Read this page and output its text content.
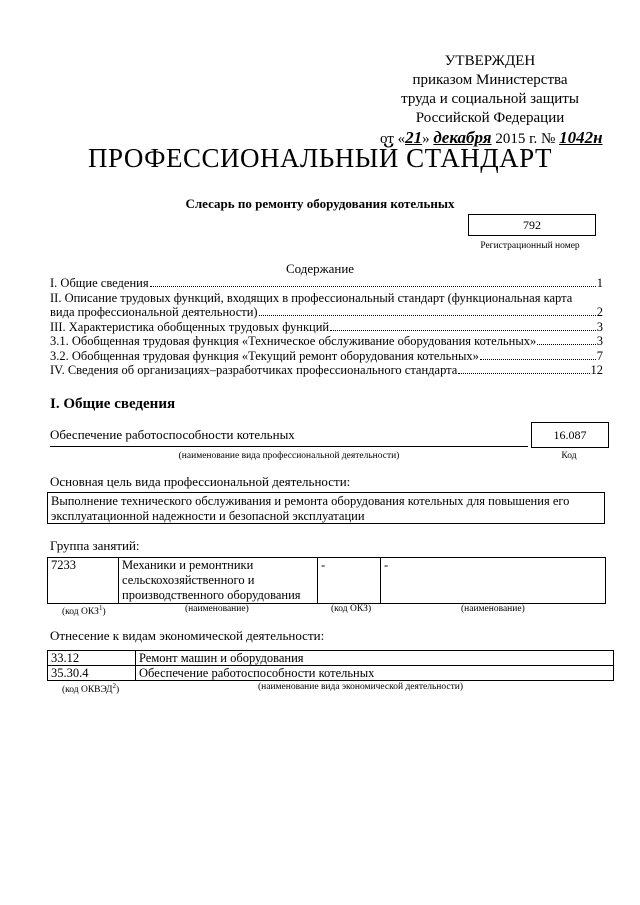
УТВЕРЖДЕН
приказом Министерства
труда и социальной защиты
Российской Федерации
от «21» декабря 2015 г. № 1042н
ПРОФЕССИОНАЛЬНЫЙ СТАНДАРТ
Слесарь по ремонту оборудования котельных
792
Регистрационный номер
Содержание
I. Общие сведения	1
II. Описание трудовых функций, входящих в профессиональный стандарт (функциональная карта
вида профессиональной деятельности)	2
III. Характеристика обобщенных трудовых функций	3
3.1. Обобщенная трудовая функция «Техническое обслуживание оборудования котельных»	3
3.2. Обобщенная трудовая функция «Текущий ремонт оборудования котельных»	7
IV. Сведения об организациях–разработчиках профессионального стандарта	12
I. Общие сведения
Обеспечение работоспособности котельных
(наименование вида профессиональной деятельности)
16.087
Код
Основная цель вида профессиональной деятельности:
Выполнение технического обслуживания и ремонта оборудования котельных для повышения его эксплуатационной надежности и безопасной эксплуатации
Группа занятий:
7233	Механики и ремонтники сельскохозяйственного и производственного оборудования	-	-
(код ОКЗ$^1$)	(наименование)	(код ОКЗ)	(наименование)
Отнесение к видам экономической деятельности:
33.12	Ремонт машин и оборудования
35.30.4	Обеспечение работоспособности котельных
(код ОКВЭД$^2$)	(наименование вида экономической деятельности)
